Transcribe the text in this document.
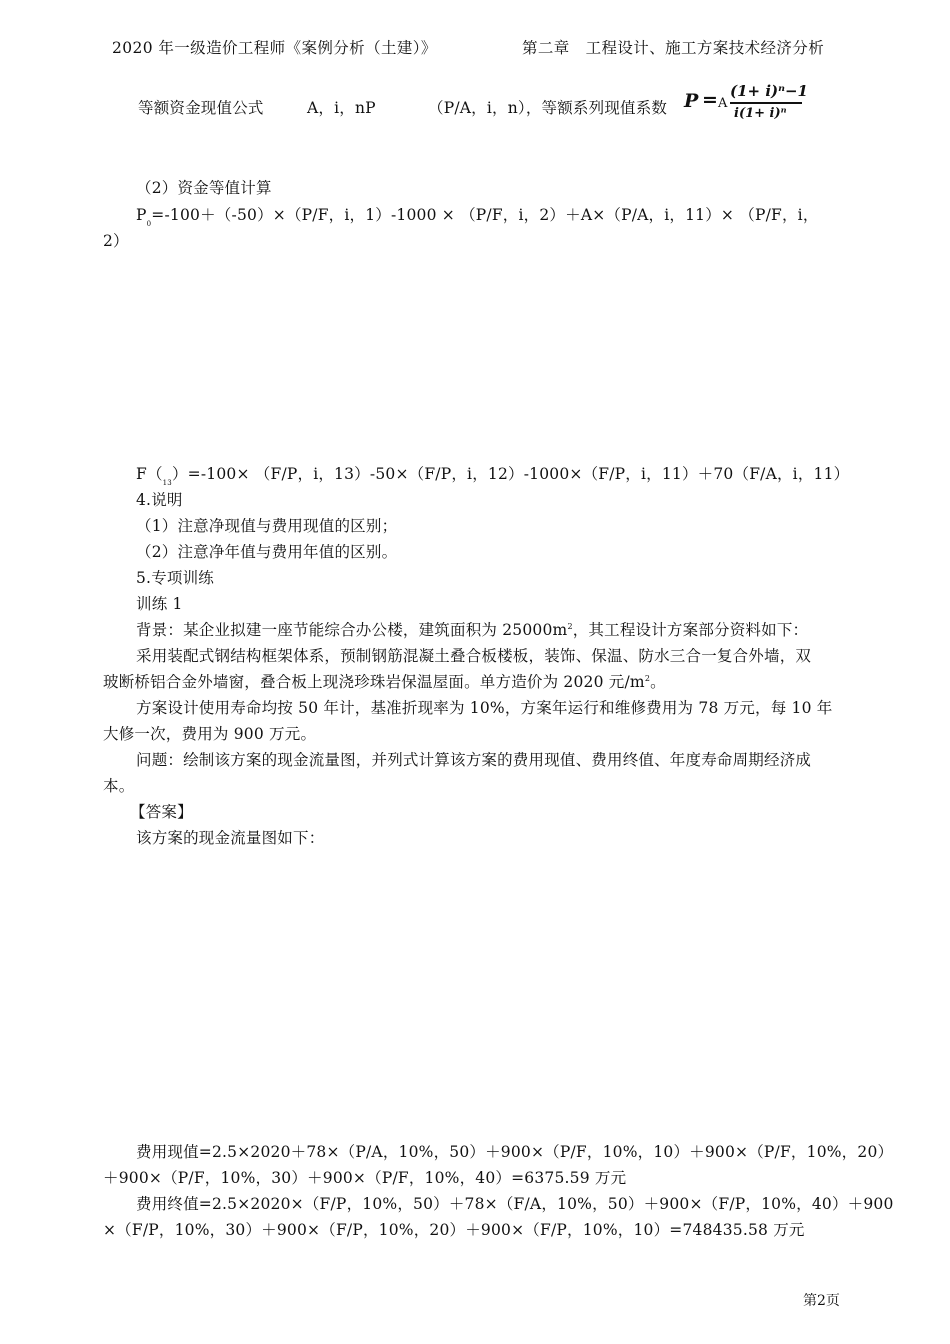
2020 年一级造价工程师《案例分析（土建）》	第二章　工程设计、施工方案技术经济分析
等额资金现值公式	A，i，nP	（P/A，i，n），等额系列现值系数 P = A
(1+ i)ⁿ−1
i(1+ i)ⁿ
（2）资金等值计算
$P_0=-100+(-50)\times(P/F$，i，1）-1000 × （P/F，i，2）＋A×（P/A，i，11）× （P/F，i，
2）
$F(_{13})=-100\times (F/P$，i，13）-50×（F/P，i，12）-1000×（F/P，i，11）＋70（F/A，i，11）
4.说明
（1）注意净现值与费用现值的区别；
（2）注意净年值与费用年值的区别。
5.专项训练
训练 1
背景：某企业拟建一座节能综合办公楼，建筑面积为 $25000m^2$，其工程设计方案部分资料如下：
采用装配式钢结构框架体系，预制钢筋混凝土叠合板楼板，装饰、保温、防水三合一复合外墙，双
玻断桥铝合金外墙窗，叠合板上现浇珍珠岩保温屋面。单方造价为 2020 元$/m^2$。
方案设计使用寿命均按 50 年计，基准折现率为 10%，方案年运行和维修费用为 78 万元，每 10 年
大修一次，费用为 900 万元。
问题：绘制该方案的现金流量图，并列式计算该方案的费用现值、费用终值、年度寿命周期经济成
本。
【答案】
该方案的现金流量图如下：
费用现值=2.5×2020＋78×（P/A，10%，50）＋900×（P/F，10%，10）＋900×（P/F，10%，20）
＋900×（P/F，10%，30）＋900×（P/F，10%，40）=6375.59 万元
费用终值=2.5×2020×（F/P，10%，50）＋78×（F/A，10%，50）＋900×（F/P，10%，40）＋900
×（F/P，10%，30）＋900×（F/P，10%，20）＋900×（F/P，10%，10）=748435.58 万元
第2页
